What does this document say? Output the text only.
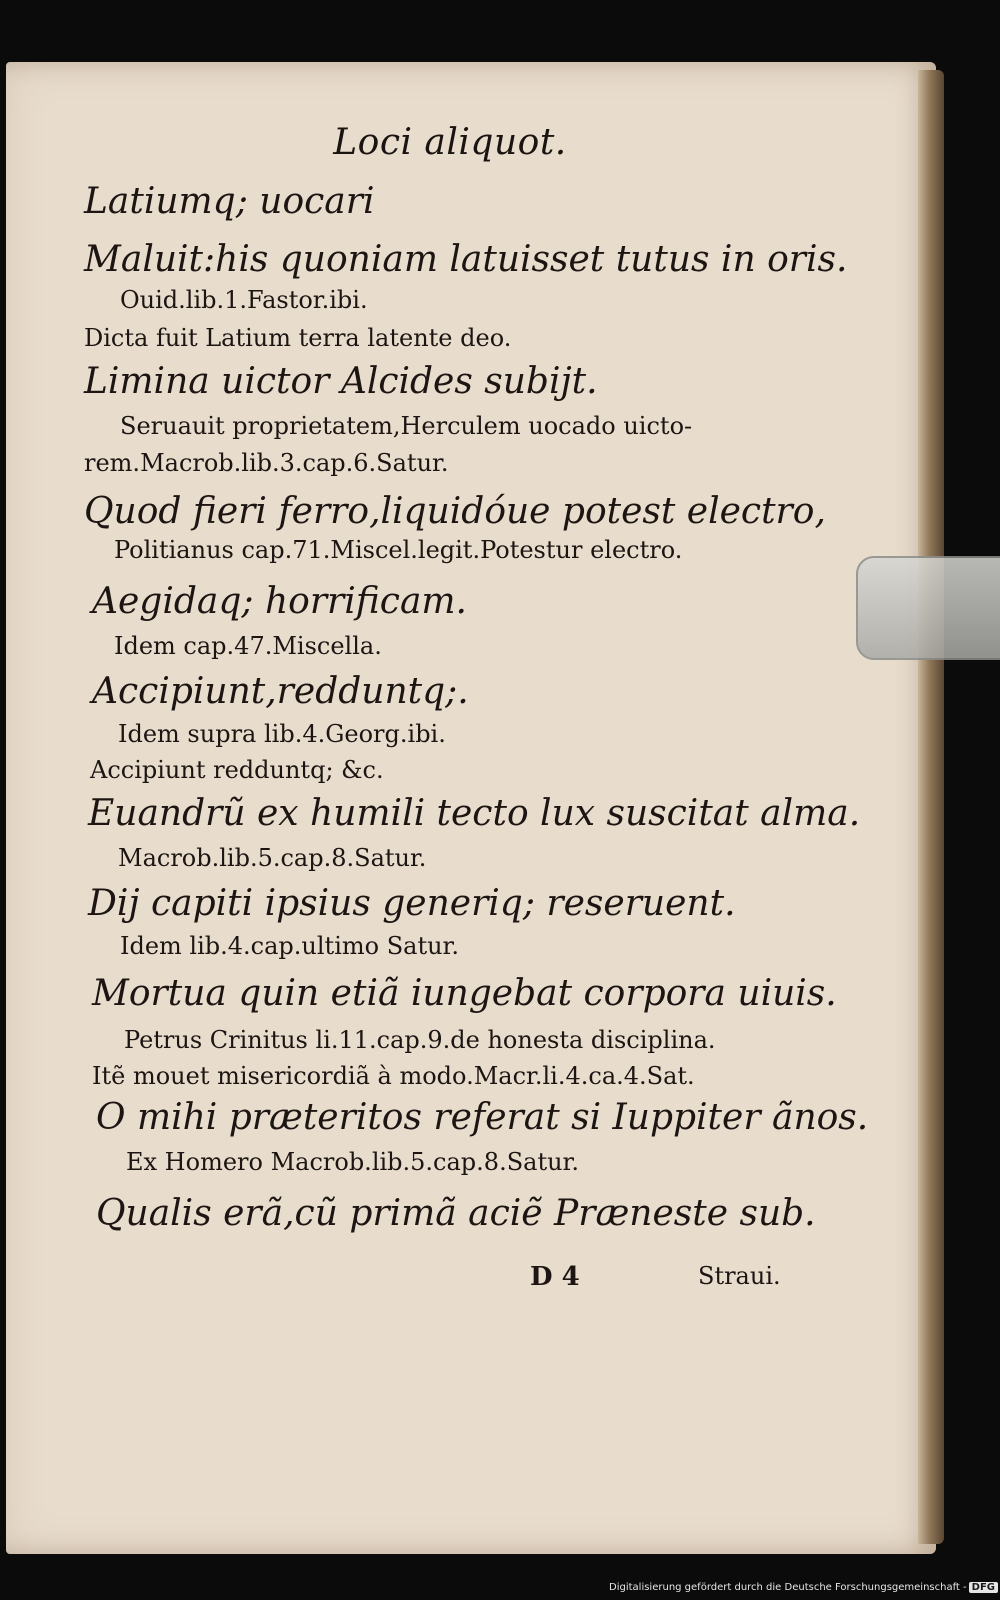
Loci aliquot.
Latiumq; uocari
Maluit:his quoniam latuisset tutus in oris.
Ouid.lib.1.Fastor.ibi.
Dicta fuit Latium terra latente deo.
Limina uictor Alcides subijt.
Seruauit proprietatem,Herculem uocado uicto-
rem.Macrob.lib.3.cap.6.Satur.
Quod fieri ferro,liquidóue potest electro,
Politianus cap.71.Miscel.legit.Potestur electro.
Aegidaq; horrificam.
Idem cap.47.Miscella.
Accipiunt,redduntq;.
Idem supra lib.4.Georg.ibi.
Accipiunt redduntq; &c.
Euandrũ ex humili tecto lux suscitat alma.
Macrob.lib.5.cap.8.Satur.
Dij capiti ipsius generiq; reseruent.
Idem lib.4.cap.ultimo Satur.
Mortua quin etiã iungebat corpora uiuis.
Petrus Crinitus li.11.cap.9.de honesta disciplina.
Itẽ mouet misericordiã à modo.Macr.li.4.ca.4.Sat.
O mihi præteritos referat si Iuppiter ãnos.
Ex Homero Macrob.lib.5.cap.8.Satur.
Qualis erã,cũ primã aciẽ Præneste sub.
D 4	Straui.
Digitalisierung gefördert durch die Deutsche Forschungsgemeinschaft - DFG
